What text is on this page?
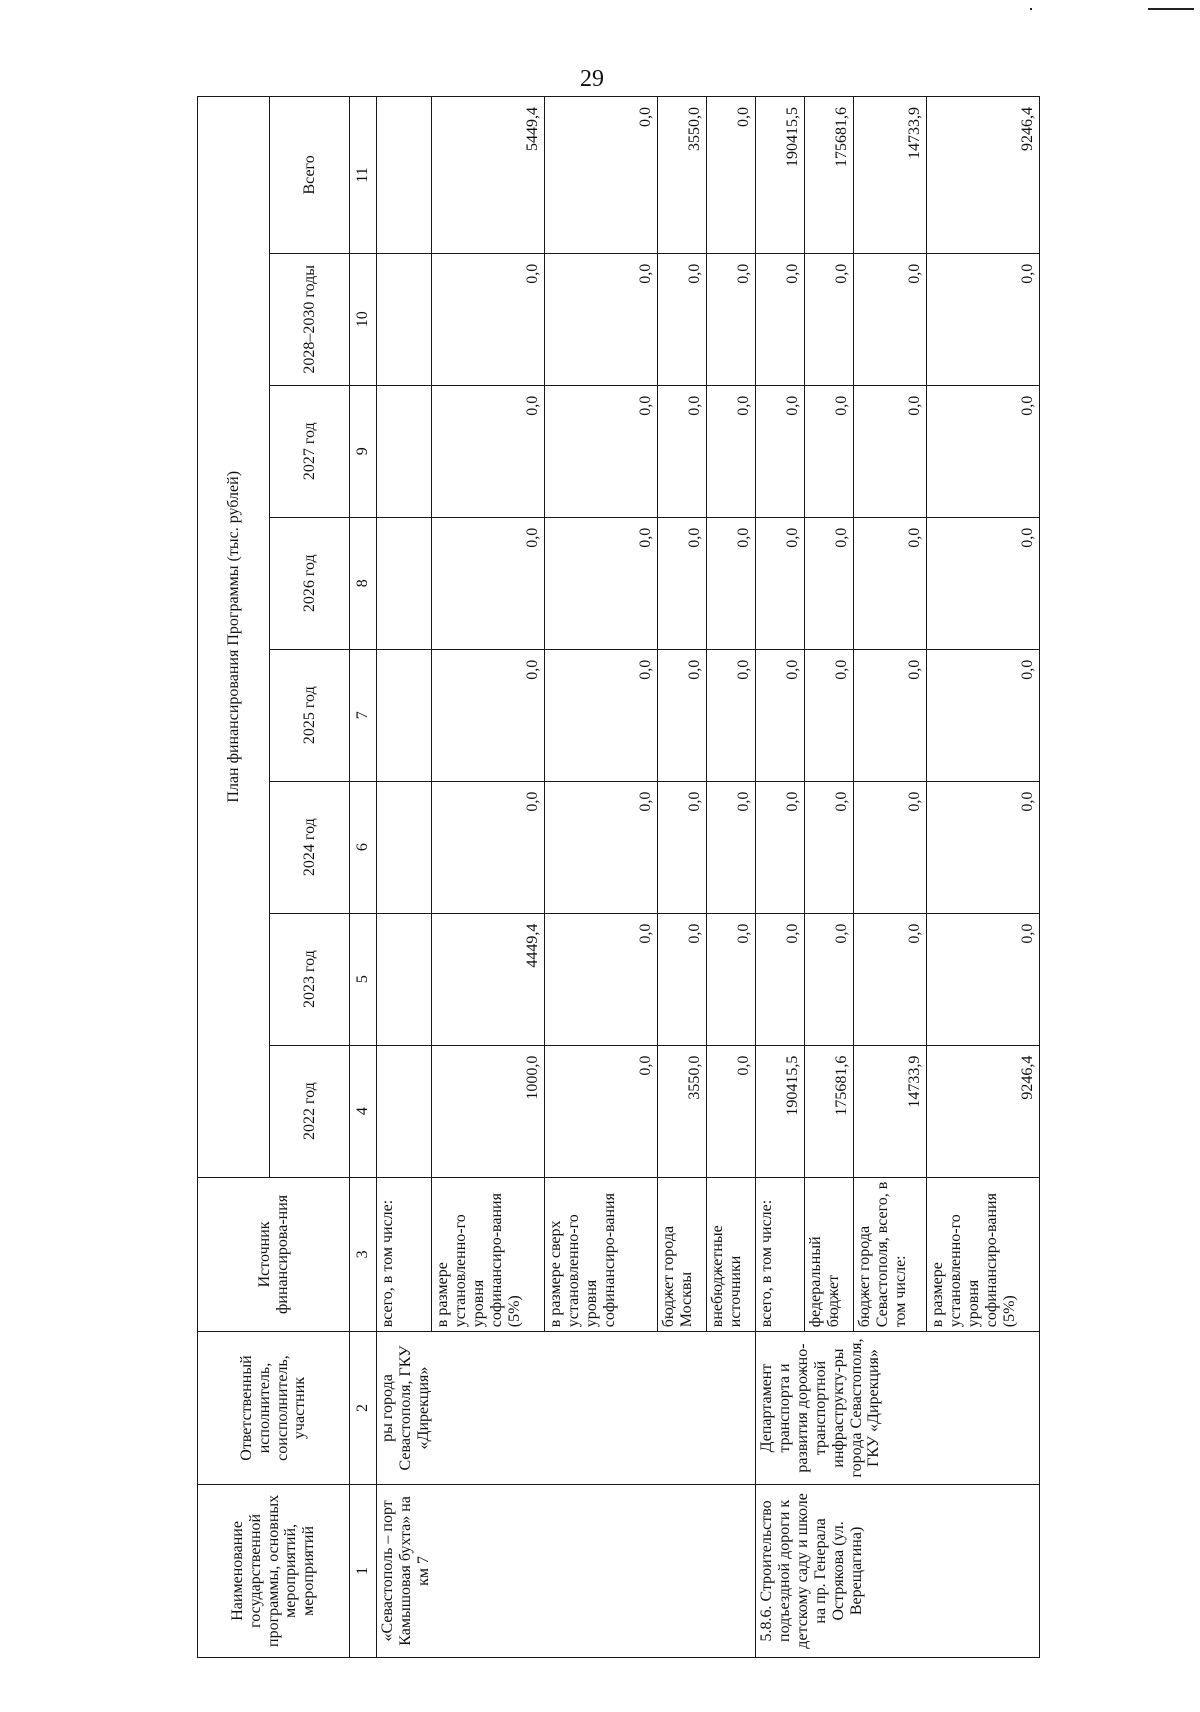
29
Наименование государственной программы, основных мероприятий, мероприятий	Ответственный исполнитель, соисполнитель, участник	Источник финансирова-ния	План финансирования Программы (тыс. рублей)							
			2022 год	2023 год	2024 год	2025 год	2026 год	2027 год	2028–2030 годы	Всего
1	2	3	4	5	6	7	8	9	10	11
«Севастополь – порт Камышовая бухта» на км 7	ры города Севастополя, ГКУ «Дирекция»	всего, в том числе:								
		в размере установленно-го уровня софинансиро-вания (5%)	1000,0	4449,4	0,0	0,0	0,0	0,0	0,0	5449,4
		в размере сверх установленно-го уровня софинансиро-вания	0,0	0,0	0,0	0,0	0,0	0,0	0,0	0,0
		бюджет города Москвы	3550,0	0,0	0,0	0,0	0,0	0,0	0,0	3550,0
		внебюджетные источники	0,0	0,0	0,0	0,0	0,0	0,0	0,0	0,0
5.8.6. Строительство подъездной дороги к детскому саду и школе на пр. Генерала Острякова (ул. Верещагина)	Департамент транспорта и развития дорожно-транспортной инфраструкту-ры города Севастополя, ГКУ «Дирекция»	всего, в том числе:	190415,5	0,0	0,0	0,0	0,0	0,0	0,0	190415,5
		федеральный бюджет	175681,6	0,0	0,0	0,0	0,0	0,0	0,0	175681,6
		бюджет города Севастополя, всего, в том числе:	14733,9	0,0	0,0	0,0	0,0	0,0	0,0	14733,9
		в размере установленно-го уровня софинансиро-вания (5%)	9246,4	0,0	0,0	0,0	0,0	0,0	0,0	9246,4
